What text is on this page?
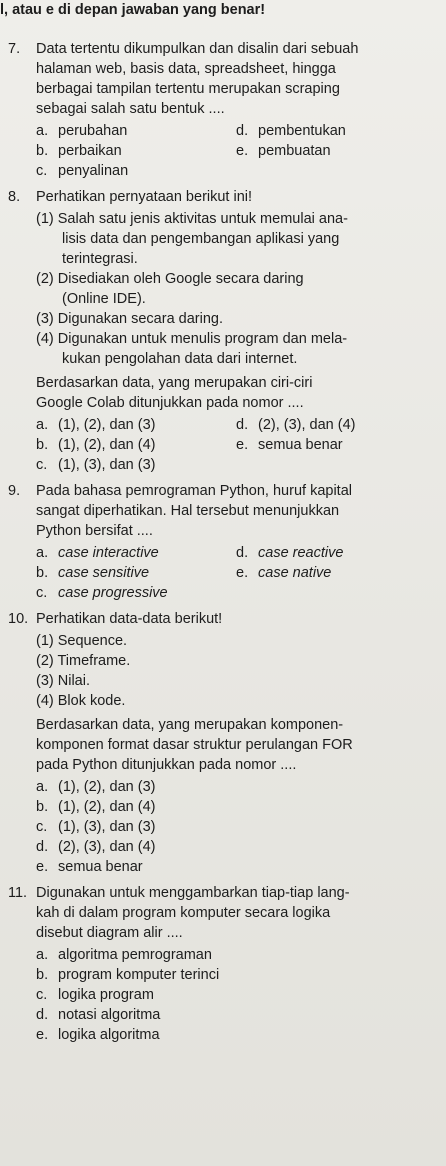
l, atau e di depan jawaban yang benar!
7. Data tertentu dikumpulkan dan disalin dari sebuah
halaman web, basis data, spreadsheet, hingga
berbagai tampilan tertentu merupakan scraping
sebagai salah satu bentuk ....
a. perubahan
b. perbaikan
c. penyalinan
d. pembentukan
e. pembuatan
8. Perhatikan pernyataan berikut ini!
(1) Salah satu jenis aktivitas untuk memulai ana-
lisis data dan pengembangan aplikasi yang
terintegrasi.
(2) Disediakan oleh Google secara daring
(Online IDE).
(3) Digunakan secara daring.
(4) Digunakan untuk menulis program dan mela-
kukan pengolahan data dari internet.
Berdasarkan data, yang merupakan ciri-ciri
Google Colab ditunjukkan pada nomor ....
a. (1), (2), dan (3)
b. (1), (2), dan (4)
c. (1), (3), dan (3)
d. (2), (3), dan (4)
e. semua benar
9. Pada bahasa pemrograman Python, huruf kapital
sangat diperhatikan. Hal tersebut menunjukkan
Python bersifat ....
a. case interactive
b. case sensitive
c. case progressive
d. case reactive
e. case native
10. Perhatikan data-data berikut!
(1) Sequence.
(2) Timeframe.
(3) Nilai.
(4) Blok kode.
Berdasarkan data, yang merupakan komponen-
komponen format dasar struktur perulangan FOR
pada Python ditunjukkan pada nomor ....
a. (1), (2), dan (3)
b. (1), (2), dan (4)
c. (1), (3), dan (3)
d. (2), (3), dan (4)
e. semua benar
11. Digunakan untuk menggambarkan tiap-tiap lang-
kah di dalam program komputer secara logika
disebut diagram alir ....
a. algoritma pemrograman
b. program komputer terinci
c. logika program
d. notasi algoritma
e. logika algoritma
